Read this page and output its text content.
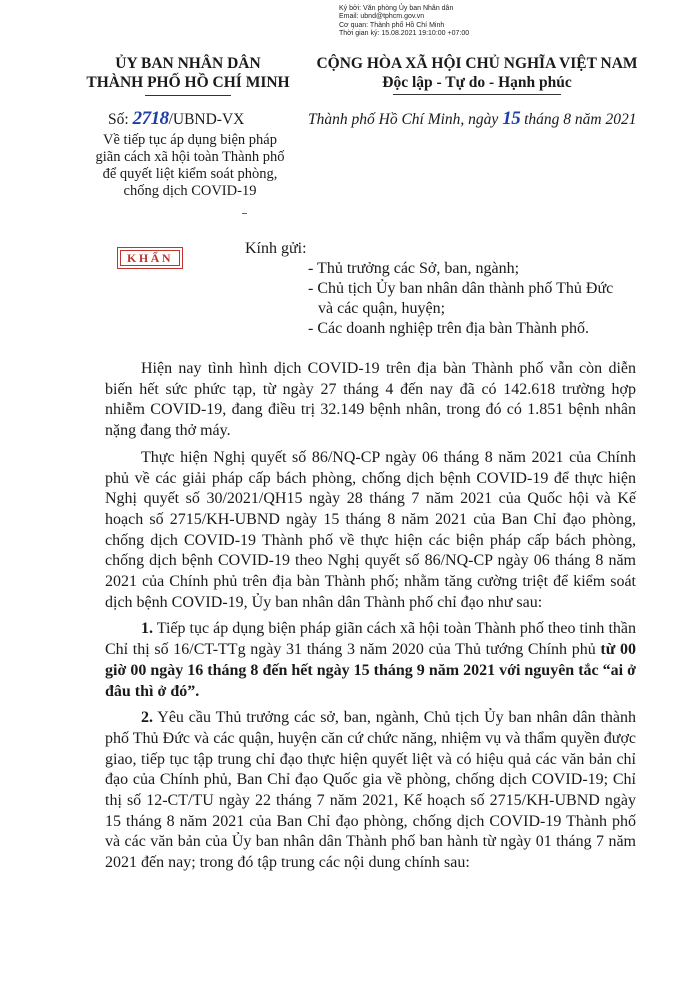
Ký bởi: Văn phòng Ủy ban Nhân dân
Email: ubnd@tphcm.gov.vn
Cơ quan: Thành phố Hồ Chí Minh
Thời gian ký: 15.08.2021 19:10:00 +07:00
ỦY BAN NHÂN DÂN
THÀNH PHỐ HỒ CHÍ MINH
CỘNG HÒA XÃ HỘI CHỦ NGHĨA VIỆT NAM
Độc lập - Tự do - Hạnh phúc
Số: 2718/UBND-VX	Thành phố Hồ Chí Minh, ngày 15 tháng 8 năm 2021
Về tiếp tục áp dụng biện pháp
giãn cách xã hội toàn Thành phố
để quyết liệt kiểm soát phòng,
chống dịch COVID-19
KHẨN
Kính gửi:
- Thủ trưởng các Sở, ban, ngành;
- Chủ tịch Ủy ban nhân dân thành phố Thủ Đức
và các quận, huyện;
- Các doanh nghiệp trên địa bàn Thành phố.

Hiện nay tình hình dịch COVID-19 trên địa bàn Thành phố vẫn còn diễn biến hết sức phức tạp, từ ngày 27 tháng 4 đến nay đã có 142.618 trường hợp nhiễm COVID-19, đang điều trị 32.149 bệnh nhân, trong đó có 1.851 bệnh nhân nặng đang thở máy.

Thực hiện Nghị quyết số 86/NQ-CP ngày 06 tháng 8 năm 2021 của Chính phủ về các giải pháp cấp bách phòng, chống dịch bệnh COVID-19 để thực hiện Nghị quyết số 30/2021/QH15 ngày 28 tháng 7 năm 2021 của Quốc hội và Kế hoạch số 2715/KH-UBND ngày 15 tháng 8 năm 2021 của Ban Chỉ đạo phòng, chống dịch COVID-19 Thành phố về thực hiện các biện pháp cấp bách phòng, chống dịch bệnh COVID-19 theo Nghị quyết số 86/NQ-CP ngày 06 tháng 8 năm 2021 của Chính phủ trên địa bàn Thành phố; nhằm tăng cường triệt để kiểm soát dịch bệnh COVID-19, Ủy ban nhân dân Thành phố chỉ đạo như sau:

1. Tiếp tục áp dụng biện pháp giãn cách xã hội toàn Thành phố theo tinh thần Chỉ thị số 16/CT-TTg ngày 31 tháng 3 năm 2020 của Thủ tướng Chính phủ từ 00 giờ 00 ngày 16 tháng 8 đến hết ngày 15 tháng 9 năm 2021 với nguyên tắc “ai ở đâu thì ở đó”.

2. Yêu cầu Thủ trưởng các sở, ban, ngành, Chủ tịch Ủy ban nhân dân thành phố Thủ Đức và các quận, huyện căn cứ chức năng, nhiệm vụ và thẩm quyền được giao, tiếp tục tập trung chỉ đạo thực hiện quyết liệt và có hiệu quả các văn bản chỉ đạo của Chính phủ, Ban Chỉ đạo Quốc gia về phòng, chống dịch COVID-19; Chỉ thị số 12-CT/TU ngày 22 tháng 7 năm 2021, Kế hoạch số 2715/KH-UBND ngày 15 tháng 8 năm 2021 của Ban Chỉ đạo phòng, chống dịch COVID-19 Thành phố và các văn bản của Ủy ban nhân dân Thành phố ban hành từ ngày 01 tháng 7 năm 2021 đến nay; trong đó tập trung các nội dung chính sau:
